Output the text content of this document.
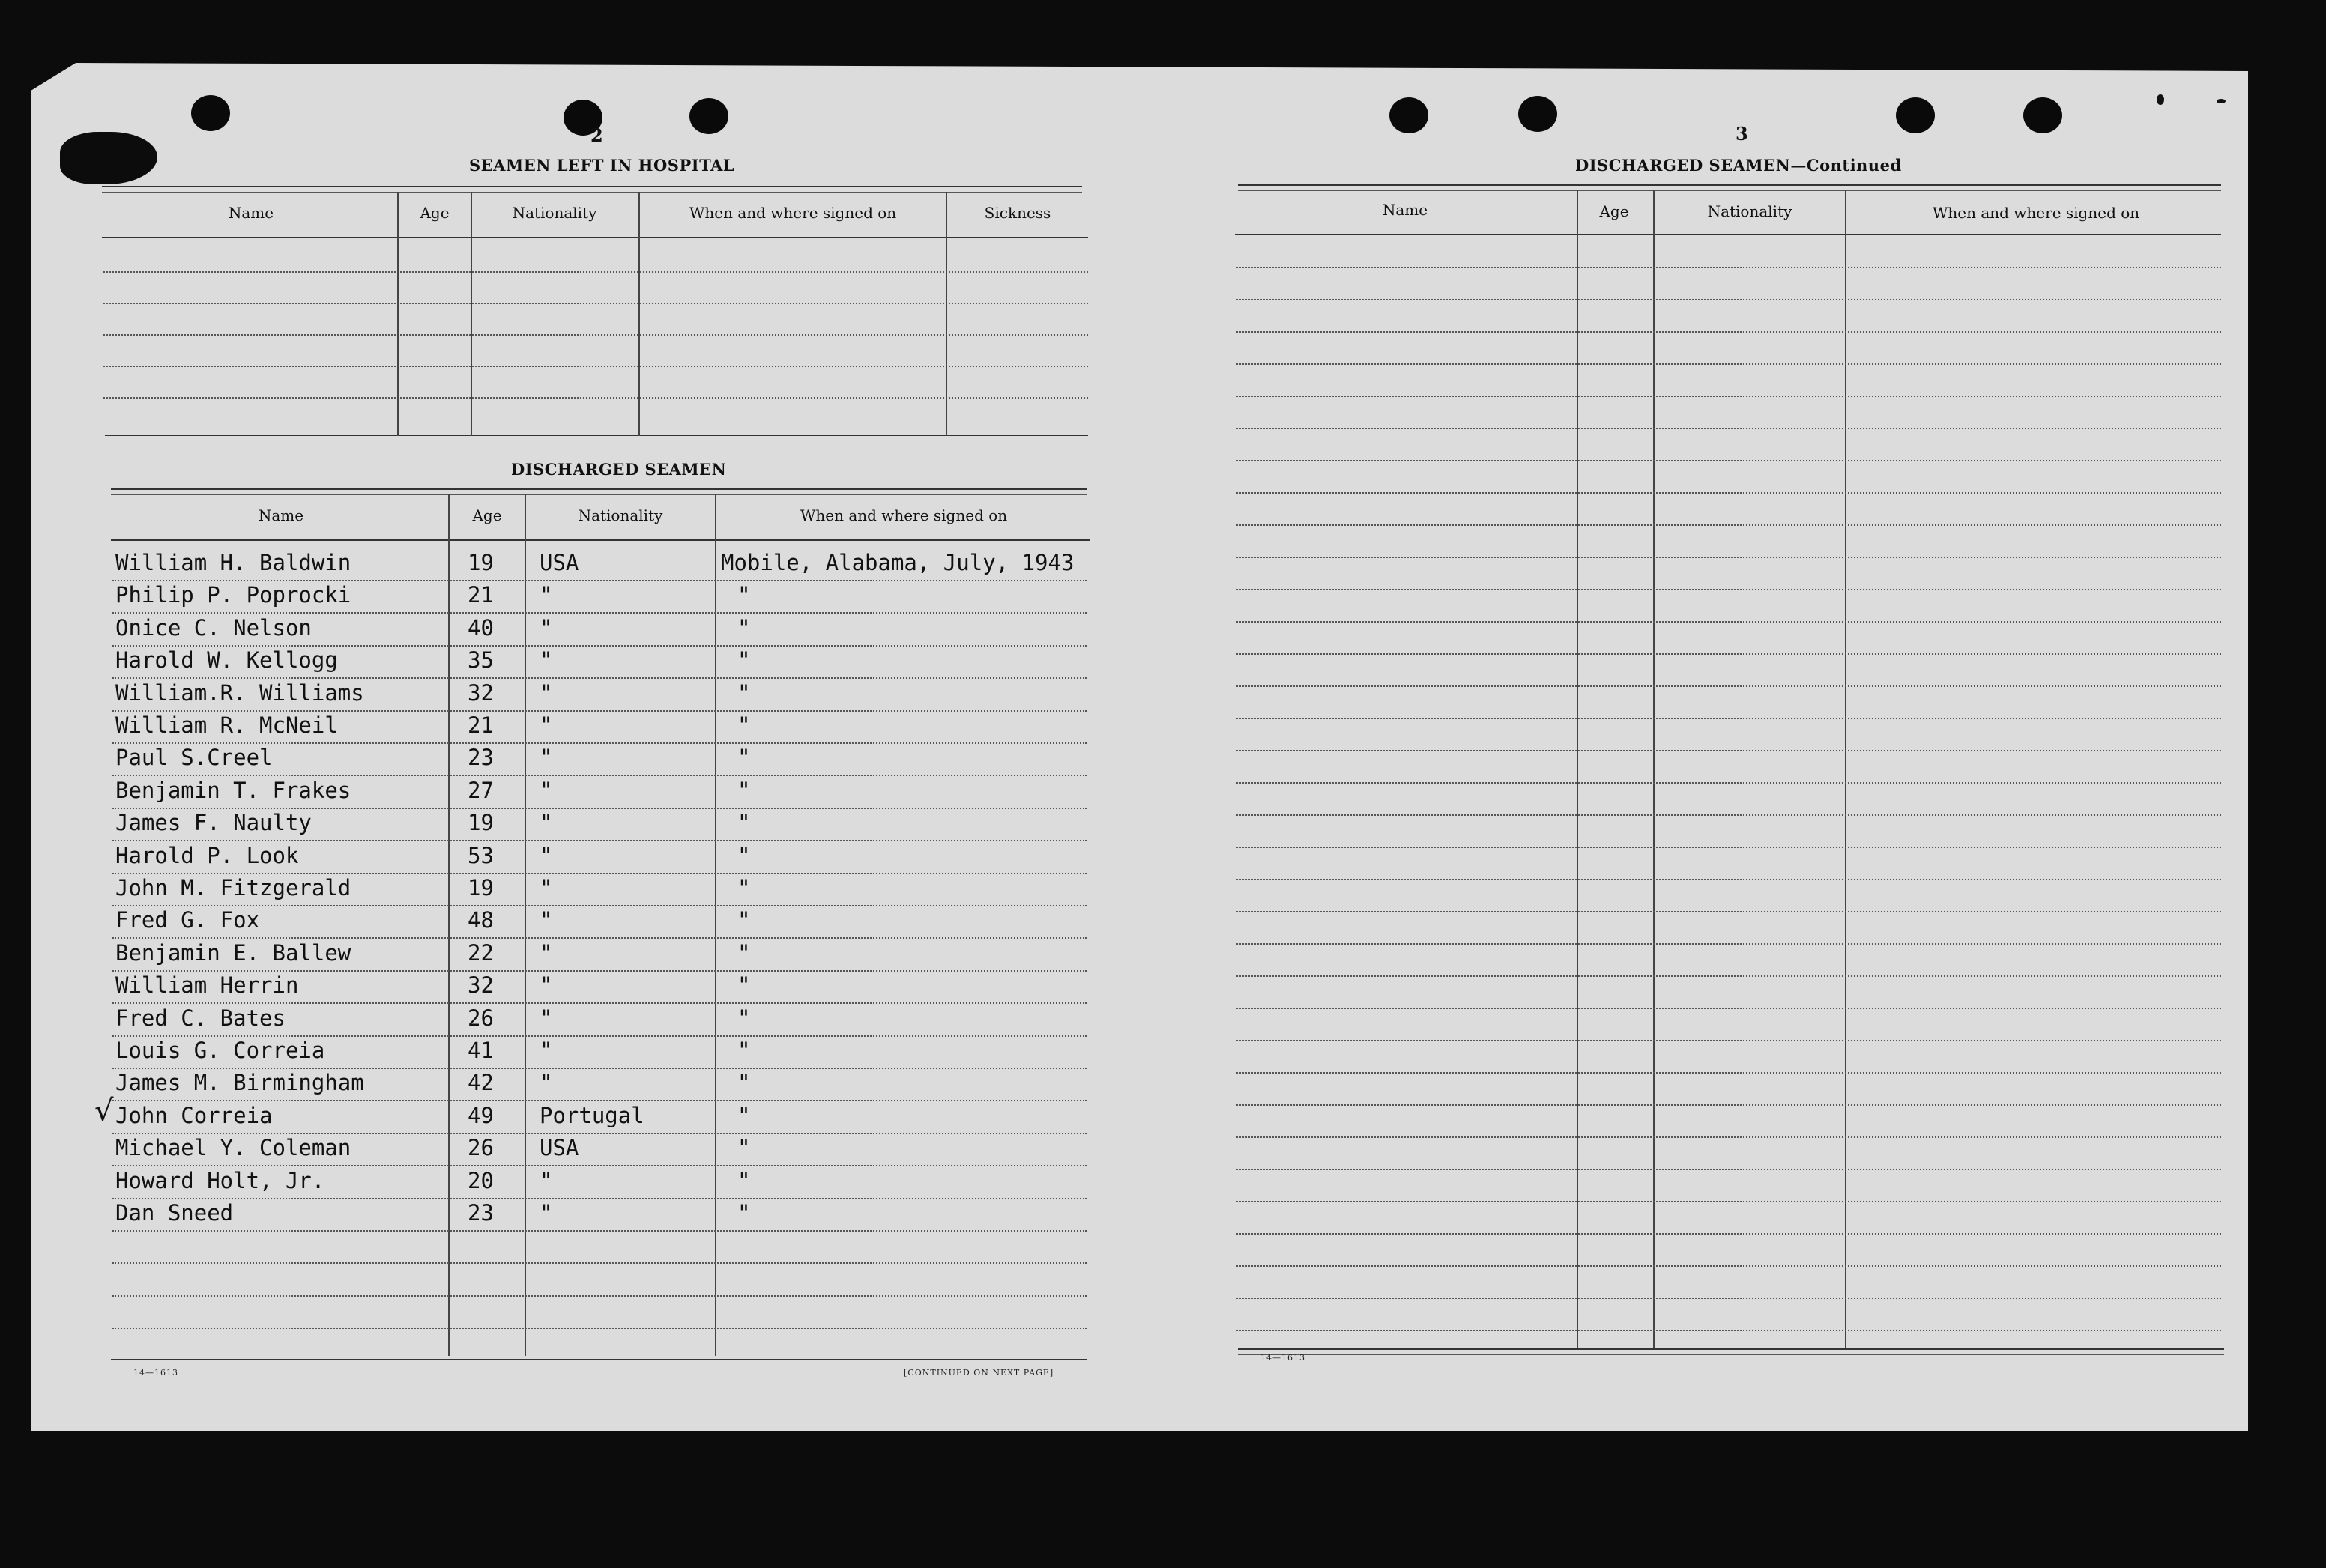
2
SEAMEN LEFT IN HOSPITAL
Name	Age	Nationality	When and where signed on	Sickness
DISCHARGED SEAMEN
Name	Age	Nationality	When and where signed on
William H. Baldwin	19 USA	Mobile, Alabama, July, 1943
Philip P. Poprocki	21 "	"
Onice C. Nelson	40 "	"
Harold W. Kellogg	35 "	"
William.R. Williams	32 "	"
William R. McNeil	21 "	"
Paul S.Creel	23 "	"
Benjamin T. Frakes	27 "	"
James F. Naulty	19 "	"
Harold P. Look	53 "	"
John M. Fitzgerald	19 "	"
Fred G. Fox	48 "	"
Benjamin E. Ballew	22 "	"
William Herrin	32 "	"
Fred C. Bates	26 "	"
Louis G. Correia	41 "	"
James M. Birmingham	42 "	"
John Correia	49 Portugal	"
Michael Y. Coleman	26 USA	"
Howard Holt, Jr.	20 "	"
Dan Sneed	23 "	"
√
14—1613	[CONTINUED ON NEXT PAGE]
3
DISCHARGED SEAMEN—Continued
Name	Age	Nationality	When and where signed on
14—1613
